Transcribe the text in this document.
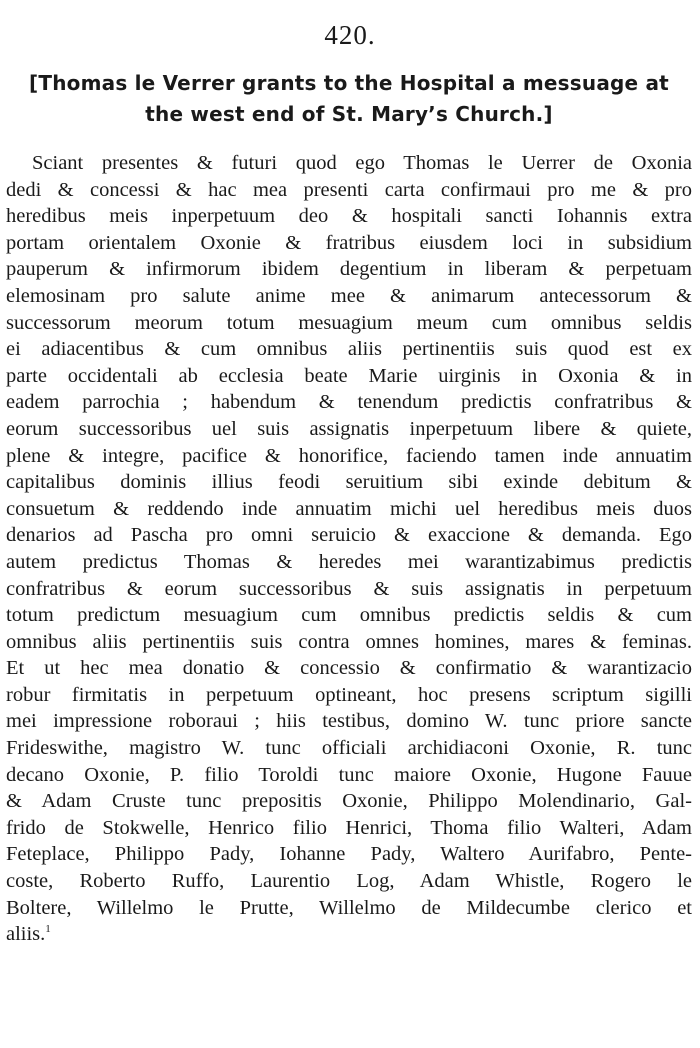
420.
[Thomas le Verrer grants to the Hospital a messuage at
the west end of St. Mary’s Church.]
Sciant presentes & futuri quod ego Thomas le Uerrer de Oxonia
dedi & concessi & hac mea presenti carta confirmaui pro me & pro
heredibus meis inperpetuum deo & hospitali sancti Iohannis extra
portam orientalem Oxonie & fratribus eiusdem loci in subsidium
pauperum & infirmorum ibidem degentium in liberam & perpetuam
elemosinam pro salute anime mee & animarum antecessorum &
successorum meorum totum mesuagium meum cum omnibus seldis
ei adiacentibus & cum omnibus aliis pertinentiis suis quod est ex
parte occidentali ab ecclesia beate Marie uirginis in Oxonia & in
eadem parrochia ; habendum & tenendum predictis confratribus &
eorum successoribus uel suis assignatis inperpetuum libere & quiete,
plene & integre, pacifice & honorifice, faciendo tamen inde annuatim
capitalibus dominis illius feodi seruitium sibi exinde debitum &
consuetum & reddendo inde annuatim michi uel heredibus meis duos
denarios ad Pascha pro omni seruicio & exaccione & demanda. Ego
autem predictus Thomas & heredes mei warantizabimus predictis
confratribus & eorum successoribus & suis assignatis in perpetuum
totum predictum mesuagium cum omnibus predictis seldis & cum
omnibus aliis pertinentiis suis contra omnes homines, mares & feminas.
Et ut hec mea donatio & concessio & confirmatio & warantizacio
robur firmitatis in perpetuum optineant, hoc presens scriptum sigilli
mei impressione roboraui ; hiis testibus, domino W. tunc priore sancte
Frideswithe, magistro W. tunc officiali archidiaconi Oxonie, R. tunc
decano Oxonie, P. filio Toroldi tunc maiore Oxonie, Hugone Fauue
& Adam Cruste tunc prepositis Oxonie, Philippo Molendinario, Gal-
frido de Stokwelle, Henrico filio Henrici, Thoma filio Walteri, Adam
Feteplace, Philippo Pady, Iohanne Pady, Waltero Aurifabro, Pente-
coste, Roberto Ruffo, Laurentio Log, Adam Whistle, Rogero le
Boltere, Willelmo le Prutte, Willelmo de Mildecumbe clerico et
aliis.$^1$
